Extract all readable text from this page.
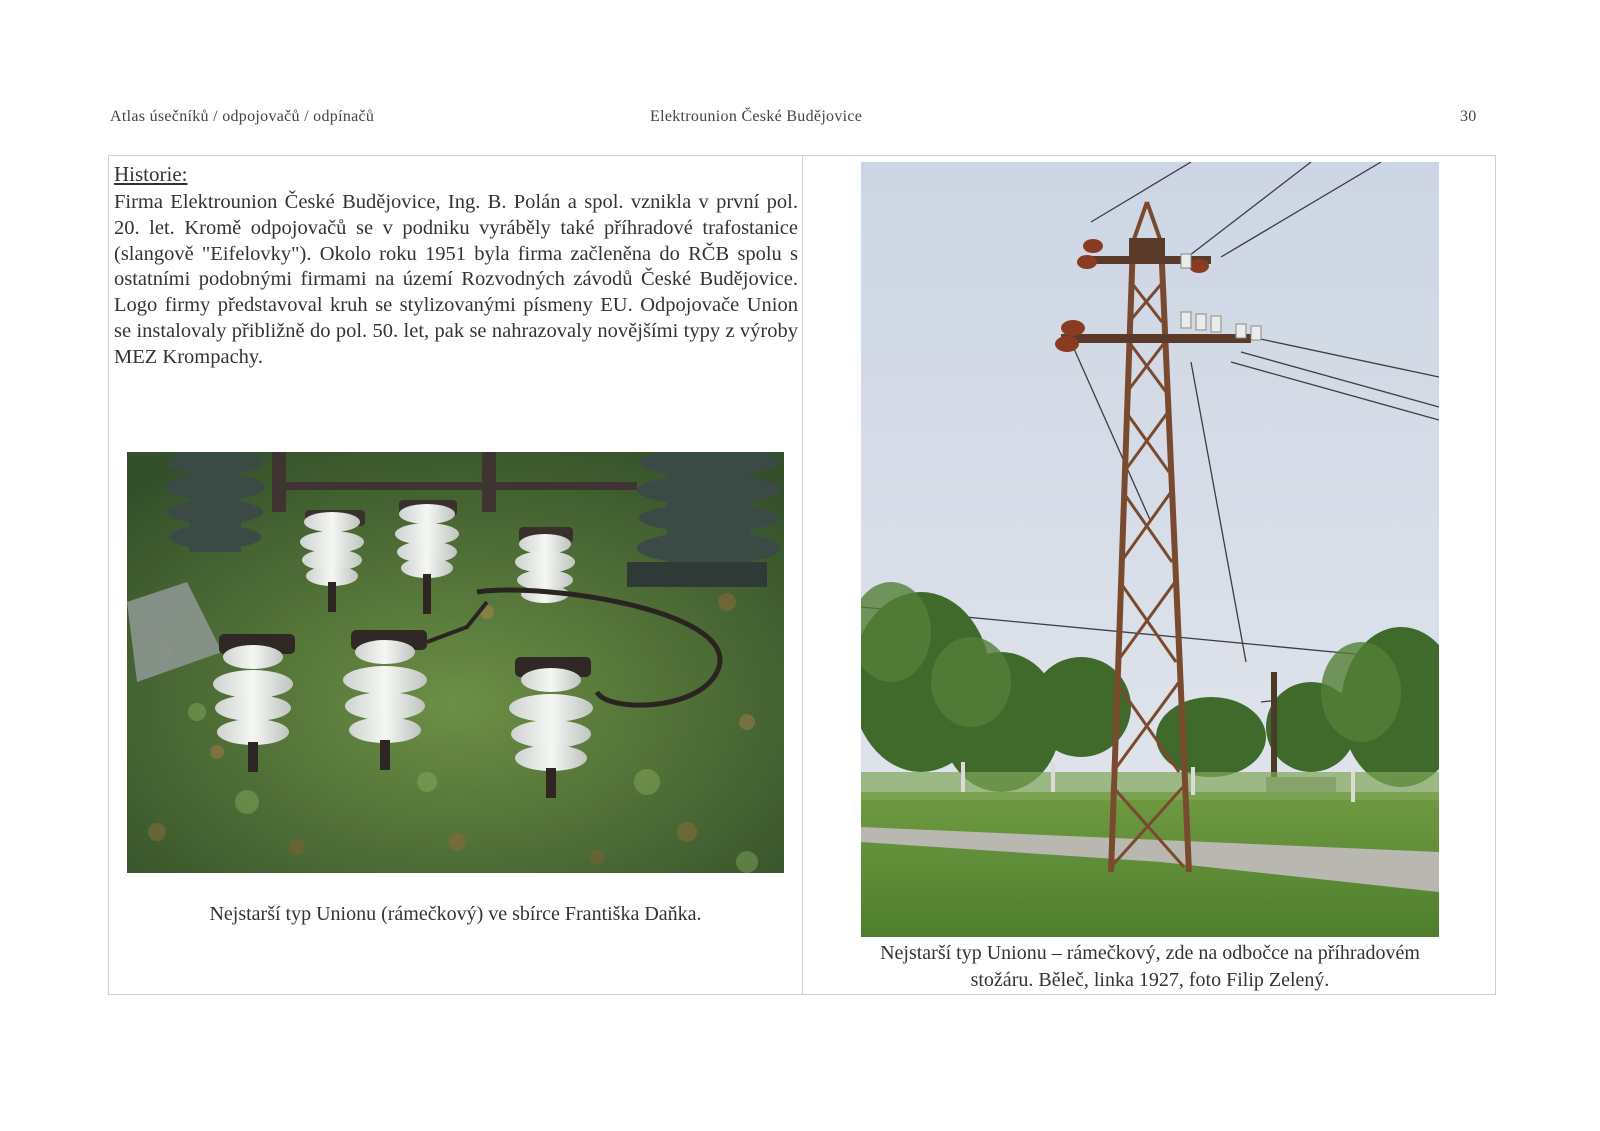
Atlas úsečníků / odpojovačů / odpínačů	Elektrounion České Budějovice	30
Historie:

Firma Elektrounion České Budějovice, Ing. B. Polán a spol. vznikla v první pol. 20. let. Kromě odpojovačů se v podniku vyráběly také příhradové trafostanice (slangově "Eifelovky"). Okolo roku 1951 byla firma začleněna do RČB spolu s ostatními podobnými firmami na území Rozvodných závodů České Budějovice. Logo firmy představoval kruh se stylizovanými písmeny EU. Odpojovače Union se instalovaly přibližně do pol. 50. let, pak se nahrazovaly novějšími typy z výroby MEZ Krompachy.

Nejstarší typ Unionu (rámečkový) ve sbírce Františka Daňka.
Nejstarší typ Unionu – rámečkový, zde na odbočce na příhradovém
stožáru. Běleč, linka 1927, foto Filip Zelený.
